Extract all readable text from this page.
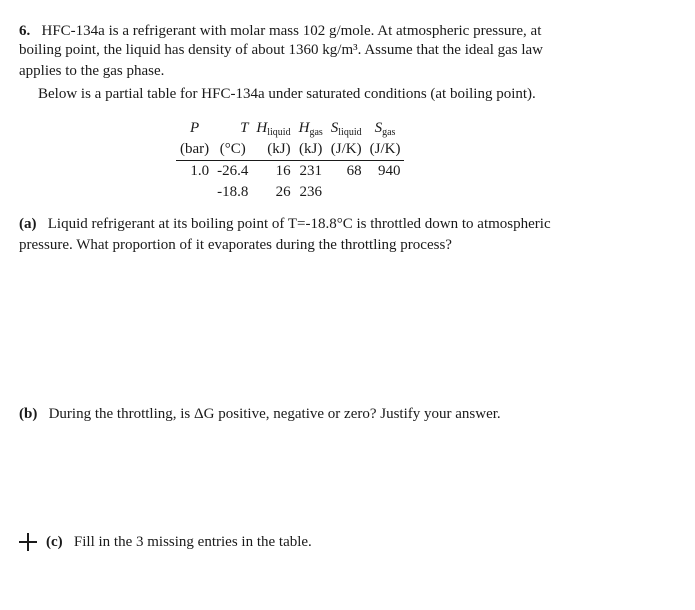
6. HFC-134a is a refrigerant with molar mass 102 g/mole. At atmospheric pressure, at
boiling point, the liquid has density of about 1360 kg/m³. Assume that the ideal gas law
applies to the gas phase.
Below is a partial table for HFC-134a under saturated conditions (at boiling point).
P	T	$H_{liquid}$	$H_{gas}$	$S_{liquid}$	$S_{gas}$
(bar)	(°C)	(kJ)	(kJ)	(J/K)	(J/K)
1.0	-26.4	16	231	68	940
	-18.8	26	236		
(a) Liquid refrigerant at its boiling point of T=-18.8°C is throttled down to atmospheric
pressure. What proportion of it evaporates during the throttling process?
(b) During the throttling, is ΔG positive, negative or zero? Justify your answer.
(c) Fill in the 3 missing entries in the table.
